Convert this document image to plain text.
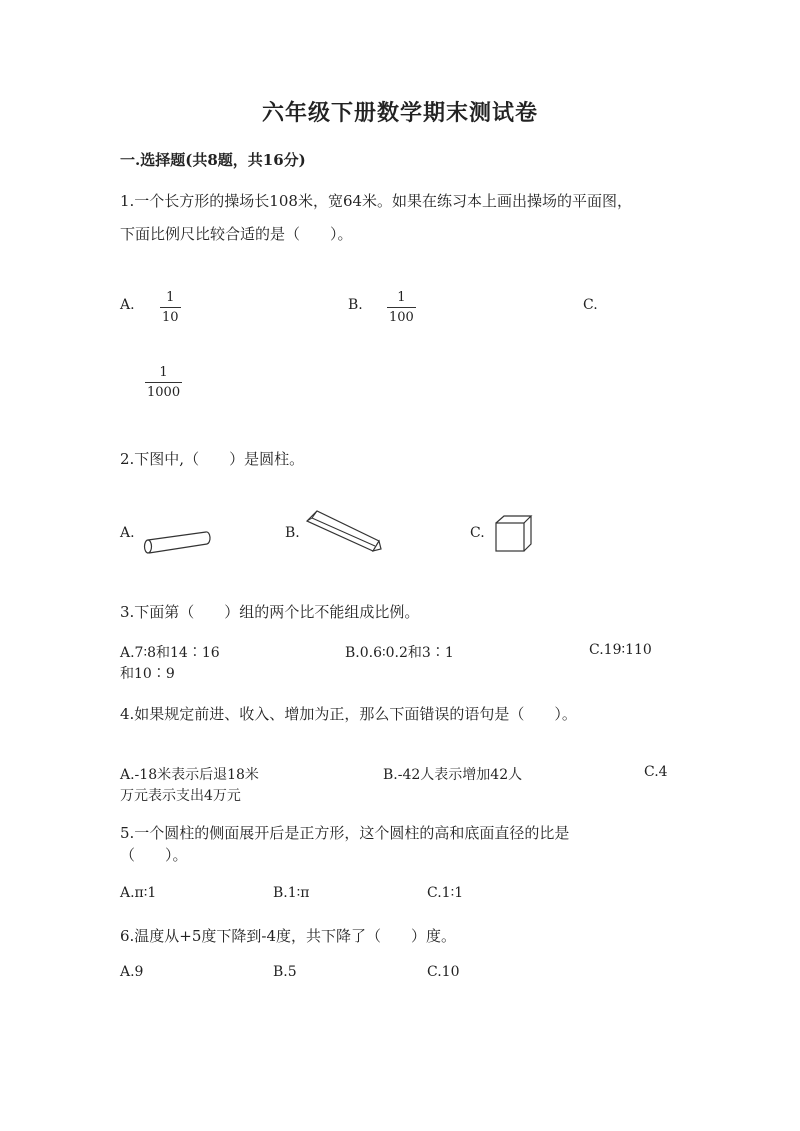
六年级下册数学期末测试卷
一.选择题(共8题，共16分)
1.一个长方形的操场长108米，宽64米。如果在练习本上画出操场的平面图，
下面比例尺比较合适的是（　　）。
A. 1
10
B.	1
100
C.
1
1000
2.下图中,（　　）是圆柱。
A.	B.	C.
3.下面第（　　）组的两个比不能组成比例。
A.7∶8和14∶16	B.0.6∶0.2和3∶1	C.19∶110
和10∶9
4.如果规定前进、收入、增加为正，那么下面错误的语句是（　　）。
A.-18米表示后退18米	B.-42人表示增加42人	C.4
万元表示支出4万元
5.一个圆柱的侧面展开后是正方形，这个圆柱的高和底面直径的比是
（　　）。
A.π∶1	B.1∶π	C.1∶1
6.温度从+5度下降到-4度，共下降了（　　）度。
A.9	B.5	C.10
